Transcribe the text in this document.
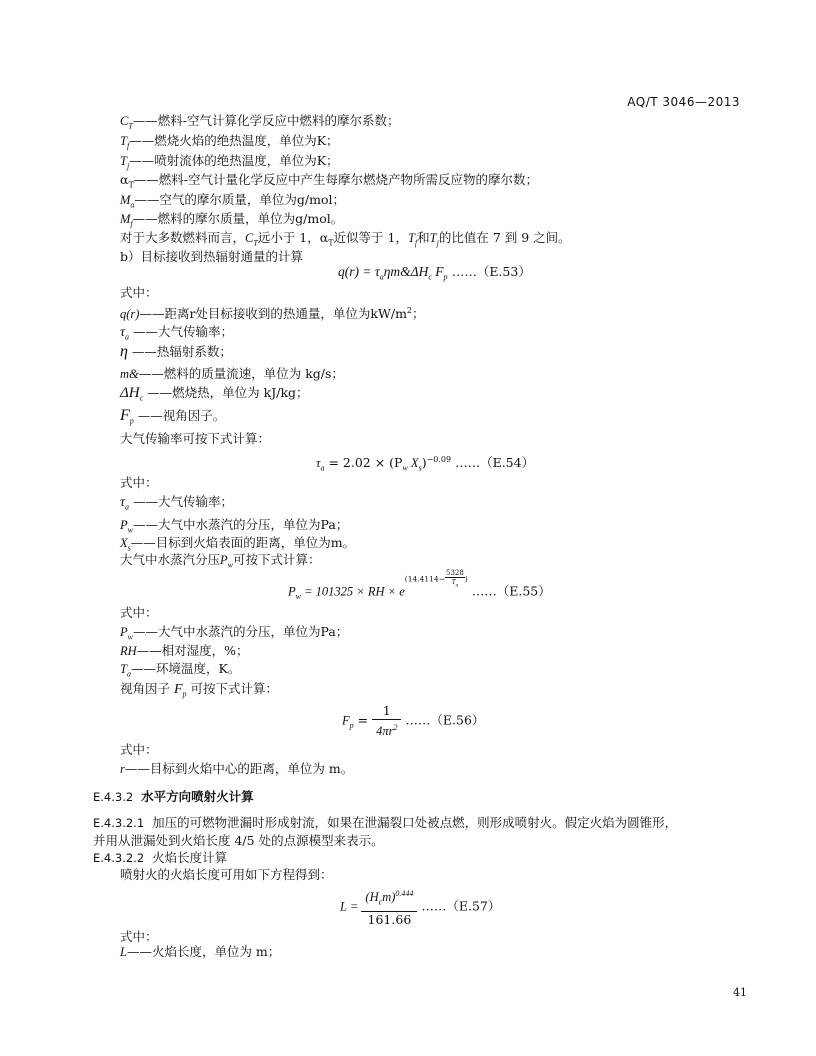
AQ/T 3046—2013
$C_T——$燃料-空气计算化学反应中燃料的摩尔系数；
$T_f——$燃烧火焰的绝热温度，单位为K；
$T_j——$喷射流体的绝热温度，单位为K；
$\alpha_T——$燃料-空气计量化学反应中产生每摩尔燃烧产物所需反应物的摩尔数；
$M_a——$空气的摩尔质量，单位为g/mol；
$M_f——$燃料的摩尔质量，单位为g/mol。
对于大多数燃料而言，$C_T$远小于 1，$\alpha_T$近似等于 1，$T_f$和$T_j$的比值在 7 到 9 之间。
b）目标接收到热辐射通量的计算
$q(r) = \tau_a\eta m\&\Delta H_c$ $F_p$ ……（E.53）
式中：
q(r)——距离r处目标接收到的热通量，单位为$kW/m^2$；
$\tau_a$ ——大气传输率；
η ——热辐射系数；
m&——燃料的质量流速，单位为 kg/s；
$\Delta H_c$ ——燃烧热，单位为 kJ/kg；
$F_p$ ——视角因子。
大气传输率可按下式计算：
$\tau_a = 2.02 \times (P_w$ $X_s)^{-0.09}$ ……（E.54）
式中：
$\tau_a$ ——大气传输率；
$P_w——$大气中水蒸汽的分压，单位为Pa；
$X_s——$目标到火焰表面的距离，单位为m。
大气中水蒸汽分压$P_w$可按下式计算：
$P_w = 101325$ × RH × $e(14.4114- \frac{5328}{T_a}$ ) ……（E.55）
式中：
$P_w——$大气中水蒸汽的分压，单位为Pa；
RH——相对湿度，%；
$T_a——$环境温度，K。
视角因子 $F_p$ 可按下式计算：
$F_p = \frac{1}{4\pi r^2}$ ……（E.56）
式中：
r——目标到火焰中心的距离，单位为 m。
E.4.3.2 水平方向喷射火计算
E.4.3.2.1 加压的可燃物泄漏时形成射流，如果在泄漏裂口处被点燃，则形成喷射火。假定火焰为圆锥形，
并用从泄漏处到火焰长度 4/5 处的点源模型来表示。
E.4.3.2.2 火焰长度计算
喷射火的火焰长度可用如下方程得到：
$L = \frac{(H_cm)^{0.444}}{161.66}$ ……（E.57）
式中：
L——火焰长度，单位为 m；
41
